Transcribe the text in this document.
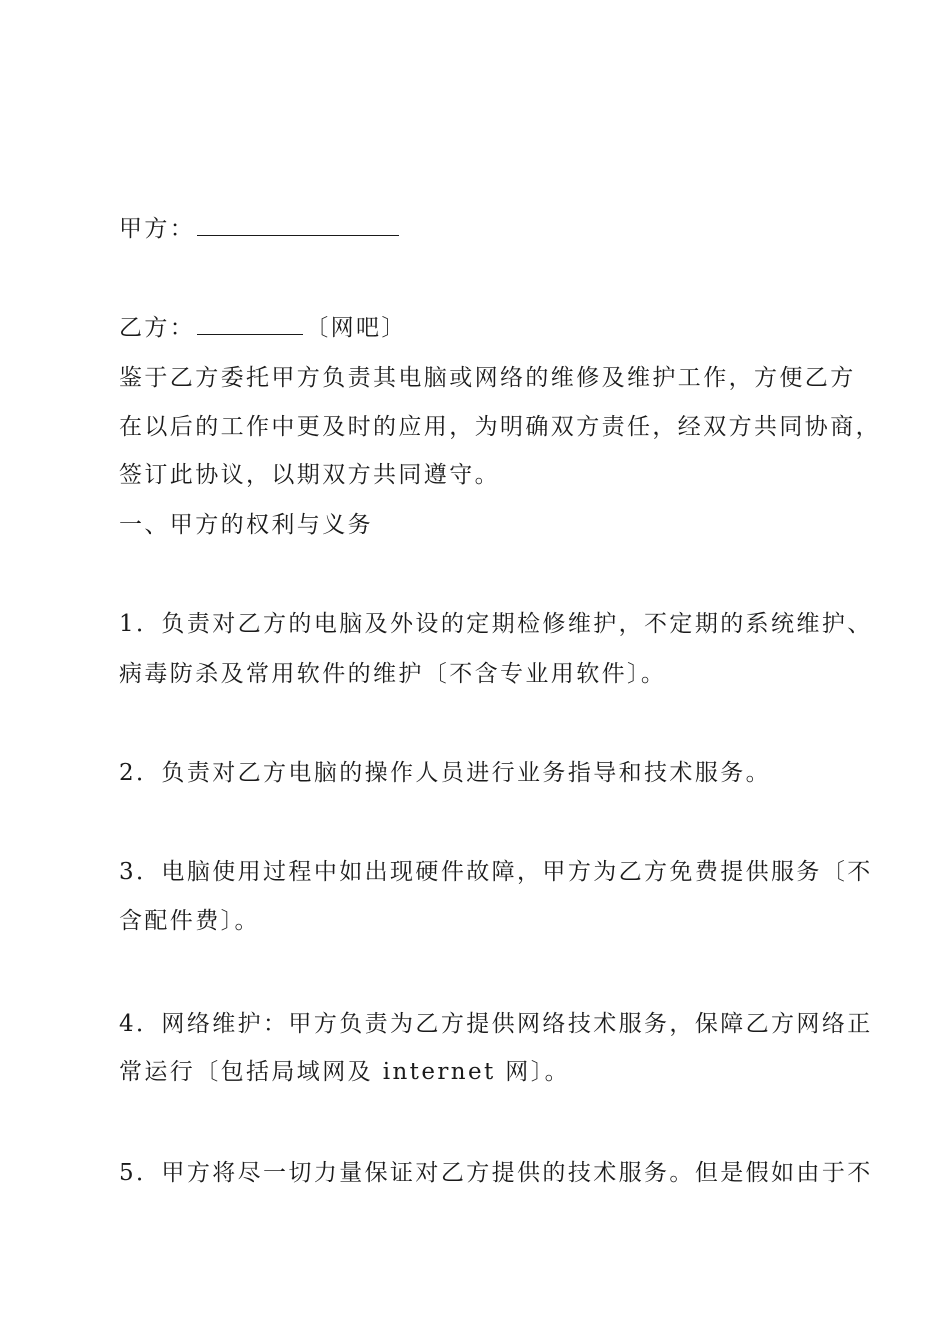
甲方：
乙方：	〔网吧〕
鉴于乙方委托甲方负责其电脑或网络的维修及维护工作，方便乙方
在以后的工作中更及时的应用，为明确双方责任，经双方共同协商，
签订此协议，以期双方共同遵守。
一、甲方的权利与义务
1．负责对乙方的电脑及外设的定期检修维护，不定期的系统维护、
病毒防杀及常用软件的维护〔不含专业用软件〕。
2．负责对乙方电脑的操作人员进行业务指导和技术服务。
3．电脑使用过程中如出现硬件故障，甲方为乙方免费提供服务〔不
含配件费〕。
4．网络维护：甲方负责为乙方提供网络技术服务，保障乙方网络正
常运行〔包括局域网及 internet 网〕。
5．甲方将尽一切力量保证对乙方提供的技术服务。但是假如由于不
